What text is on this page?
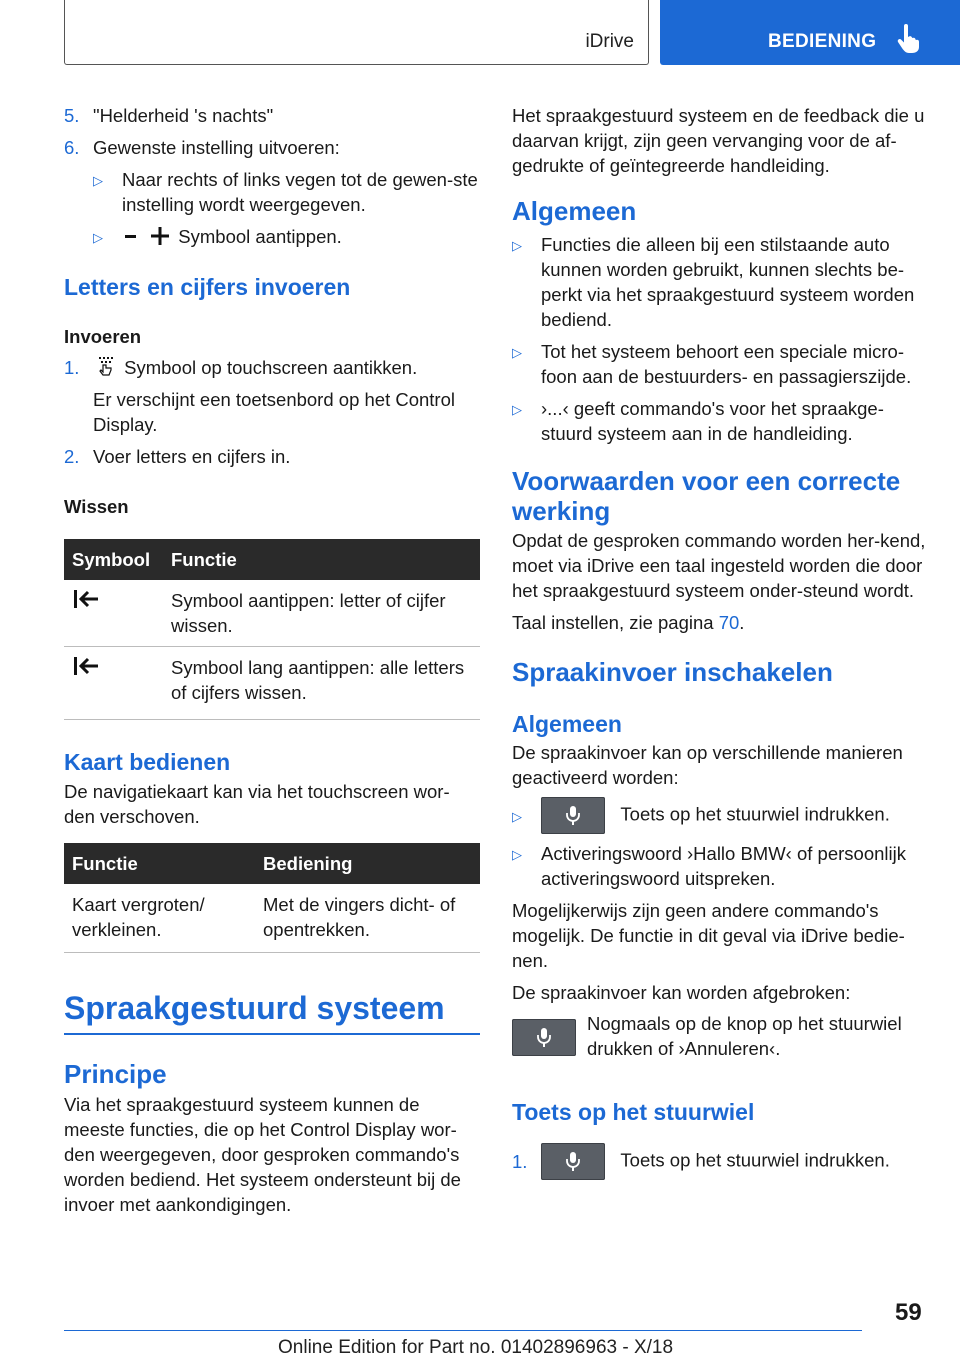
iDrive	BEDIENING
5. "Helderheid 's nachts"
6. Gewenste instelling uitvoeren:
▷	Naar rechts of links vegen tot de gewen-ste instelling wordt weergegeven.
▷	Symbool aantippen.
Letters en cijfers invoeren
Invoeren
1.	Symbool op touchscreen aantikken.
Er verschijnt een toetsenbord op het Control Display.
2. Voer letters en cijfers in.
Wissen
Symbool	Functie
	Symbool aantippen: letter of cijfer wissen.
	Symbool lang aantippen: alle letters of cijfers wissen.
Kaart bedienen
De navigatiekaart kan via het touchscreen wor-den verschoven.
Functie	Bediening
Kaart vergroten/ verkleinen.	Met de vingers dicht- of opentrekken.
Spraakgestuurd systeem
Principe
Via het spraakgestuurd systeem kunnen de meeste functies, die op het Control Display wor-den weergegeven, door gesproken commando's worden bediend. Het systeem ondersteunt bij de invoer met aankondigingen.
Het spraakgestuurd systeem en de feedback die u daarvan krijgt, zijn geen vervanging voor de af-gedrukte of geïntegreerde handleiding.
Algemeen
▷	Functies die alleen bij een stilstaande auto kunnen worden gebruikt, kunnen slechts be-perkt via het spraakgestuurd systeem worden bediend.
▷	Tot het systeem behoort een speciale micro-foon aan de bestuurders- en passagierszijde.
▷	›...‹ geeft commando's voor het spraakge-stuurd systeem aan in de handleiding.
Voorwaarden voor een correcte werking
Opdat de gesproken commando worden her-kend, moet via iDrive een taal ingesteld worden die door het spraakgestuurd systeem onder-steund wordt.
Taal instellen, zie pagina 70.
Spraakinvoer inschakelen
Algemeen
De spraakinvoer kan op verschillende manieren geactiveerd worden:
▷	Toets op het stuurwiel indrukken.
▷	Activeringswoord ›Hallo BMW‹ of persoonlijk activeringswoord uitspreken.
Mogelijkerwijs zijn geen andere commando's mogelijk. De functie in dit geval via iDrive bedie-nen.
De spraakinvoer kan worden afgebroken:
Nogmaals op de knop op het stuurwiel drukken of ›Annuleren‹.
Toets op het stuurwiel
1.	Toets op het stuurwiel indrukken.
59
Online Edition for Part no. 01402896963 - X/18
